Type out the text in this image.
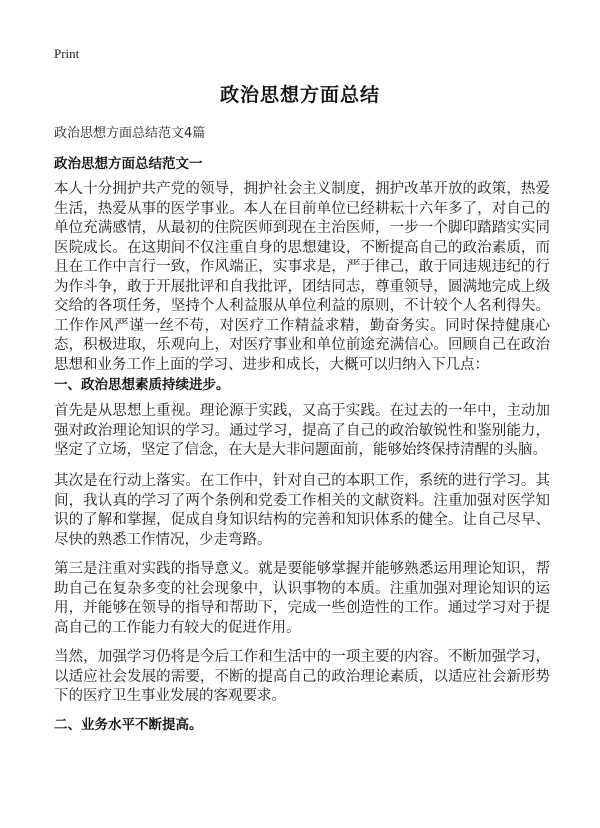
Print
政治思想方面总结
政治思想方面总结范文4篇
政治思想方面总结范文一
本人十分拥护共产党的领导，拥护社会主义制度，拥护改革开放的政策，热爱生活，热爱从事的医学事业。本人在目前单位已经耕耘十六年多了，对自己的单位充满感情，从最初的住院医师到现在主治医师，一步一个脚印踏踏实实同医院成长。在这期间不仅注重自身的思想建设，不断提高自己的政治素质，而且在工作中言行一致，作风端正，实事求是，严于律己，敢于同违规违纪的行为作斗争，敢于开展批评和自我批评，团结同志，尊重领导，圆满地完成上级交给的各项任务，坚持个人利益服从单位利益的原则，不计较个人名利得失。工作作风严谨一丝不苟，对医疗工作精益求精，勤奋务实。同时保持健康心态，积极进取，乐观向上，对医疗事业和单位前途充满信心。回顾自己在政治思想和业务工作上面的学习、进步和成长，大概可以归纳入下几点：
一、政治思想素质持续进步。
首先是从思想上重视。理论源于实践，又高于实践。在过去的一年中，主动加强对政治理论知识的学习。通过学习，提高了自己的政治敏锐性和鉴别能力，坚定了立场，坚定了信念，在大是大非问题面前，能够始终保持清醒的头脑。
其次是在行动上落实。在工作中，针对自己的本职工作，系统的进行学习。其间，我认真的学习了两个条例和党委工作相关的文献资料。注重加强对医学知识的了解和掌握，促成自身知识结构的完善和知识体系的健全。让自己尽早、尽快的熟悉工作情况，少走弯路。
第三是注重对实践的指导意义。就是要能够掌握并能够熟悉运用理论知识，帮助自己在复杂多变的社会现象中，认识事物的本质。注重加强对理论知识的运用，并能够在领导的指导和帮助下，完成一些创造性的工作。通过学习对于提高自己的工作能力有较大的促进作用。
当然，加强学习仍将是今后工作和生活中的一项主要的内容。不断加强学习，以适应社会发展的需要，不断的提高自己的政治理论素质，以适应社会新形势下的医疗卫生事业发展的客观要求。
二、业务水平不断提高。
